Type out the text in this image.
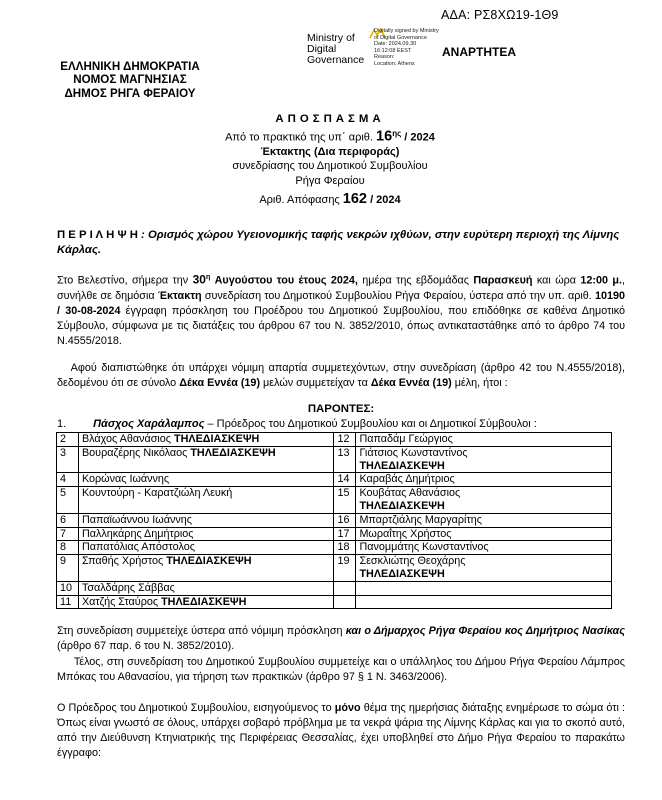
ΑΔΑ: ΡΣ8ΧΩ19-1Θ9
Ministry of
Digital
Governance
Digitally signed by Ministry
of Digital Governance
Date: 2024.09.30
16:12:08 EEST
Reason:
Location: Athens
ΑΝΑΡΤΗΤΕΑ
ΕΛΛΗΝΙΚΗ ΔΗΜΟΚΡΑΤΙΑ
ΝΟΜΟΣ ΜΑΓΝΗΣΙΑΣ
ΔΗΜΟΣ ΡΗΓΑ ΦΕΡΑΙΟΥ
ΑΠΟΣΠΑΣΜΑ
Από το πρακτικό της υπ΄ αριθ. $16^{\eta\varsigma} / 2024$
Έκτακτης (Δια περιφοράς)
συνεδρίασης του Δημοτικού Συμβουλίου
Ρήγα Φεραίου
Αριθ. Απόφασης 162 / 2024

Π Ε Ρ Ι Λ Η Ψ Η : Ορισμός χώρου Υγειονομικής ταφής νεκρών ιχθύων, στην ευρύτερη περιοχή της Λίμνης Κάρλας.

Στο Βελεστίνο, σήμερα την $30^\eta$ Αυγούστου του έτους 2024, ημέρα της εβδομάδας Παρασκευή και ώρα 12:00 μ., συνήλθε σε δημόσια Έκτακτη συνεδρίαση του Δημοτικού Συμβουλίου Ρήγα Φεραίου, ύστερα από την υπ. αριθ. 10190 / 30-08-2024 έγγραφη πρόσκληση του Προέδρου του Δημοτικού Συμβουλίου, που επιδόθηκε σε καθένα Δημοτικό Σύμβουλο, σύμφωνα με τις διατάξεις του άρθρου 67 του Ν. 3852/2010, όπως αντικαταστάθηκε από το άρθρο 74 του Ν.4555/2018.

Αφού διαπιστώθηκε ότι υπάρχει νόμιμη απαρτία συμμετεχόντων, στην συνεδρίαση (άρθρο 42 του Ν.4555/2018), δεδομένου ότι σε σύνολο Δέκα Εννέα (19) μελών συμμετείχαν τα Δέκα Εννέα (19) μέλη, ήτοι :

ΠΑΡΟΝΤΕΣ:
1. Πάσχος Χαράλαμπος – Πρόεδρος του Δημοτικού Συμβουλίου και οι Δημοτικοί Σύμβουλοι :
2	Βλάχος Αθανάσιος ΤΗΛΕΔΙΑΣΚΕΨΗ	12	Παπαδάμ Γεώργιος
3	Βουραζέρης Νικόλαος ΤΗΛΕΔΙΑΣΚΕΨΗ	13	Γιάτσιος Κωνσταντίνος
ΤΗΛΕΔΙΑΣΚΕΨΗ
4	Κορώνας Ιωάννης	14	Καραβάς Δημήτριος
5	Κουντούρη - Καρατζιώλη Λευκή	15	Κουβάτας Αθανάσιος
ΤΗΛΕΔΙΑΣΚΕΨΗ
6	Παπαϊωάννου Ιωάννης	16	Μπαρτζιάλης Μαργαρίτης
7	Παλληκάρης Δημήτριος	17	Μωραΐτης Χρήστος
8	Παπατόλιας Απόστολος	18	Πανομμάτης Κωνσταντίνος
9	Σπαθής Χρήστος ΤΗΛΕΔΙΑΣΚΕΨΗ	19	Σεσκλιώτης Θεοχάρης
ΤΗΛΕΔΙΑΣΚΕΨΗ
10	Τσαλδάρης Σάββας		
11	Χατζής Σταύρος ΤΗΛΕΔΙΑΣΚΕΨΗ		

Στη συνεδρίαση συμμετείχε ύστερα από νόμιμη πρόσκληση και ο Δήμαρχος Ρήγα Φεραίου κος Δημήτριος Νασίκας (άρθρο 67 παρ. 6 του Ν. 3852/2010).

Τέλος, στη συνεδρίαση του Δημοτικού Συμβουλίου συμμετείχε και ο υπάλληλος του Δήμου Ρήγα Φεραίου Λάμπρος Μπόκας του Αθανασίου, για τήρηση των πρακτικών (άρθρο 97 § 1 Ν. 3463/2006).

Ο Πρόεδρος του Δημοτικού Συμβουλίου, εισηγούμενος το μόνο θέμα της ημερήσιας διάταξης ενημέρωσε το σώμα ότι : Όπως είναι γνωστό σε όλους, υπάρχει σοβαρό πρόβλημα με τα νεκρά ψάρια της Λίμνης Κάρλας και για το σκοπό αυτό, από την Διεύθυνση Κτηνιατρικής της Περιφέρειας Θεσσαλίας, έχει υποβληθεί στο Δήμο Ρήγα Φεραίου το παρακάτω έγγραφο:
